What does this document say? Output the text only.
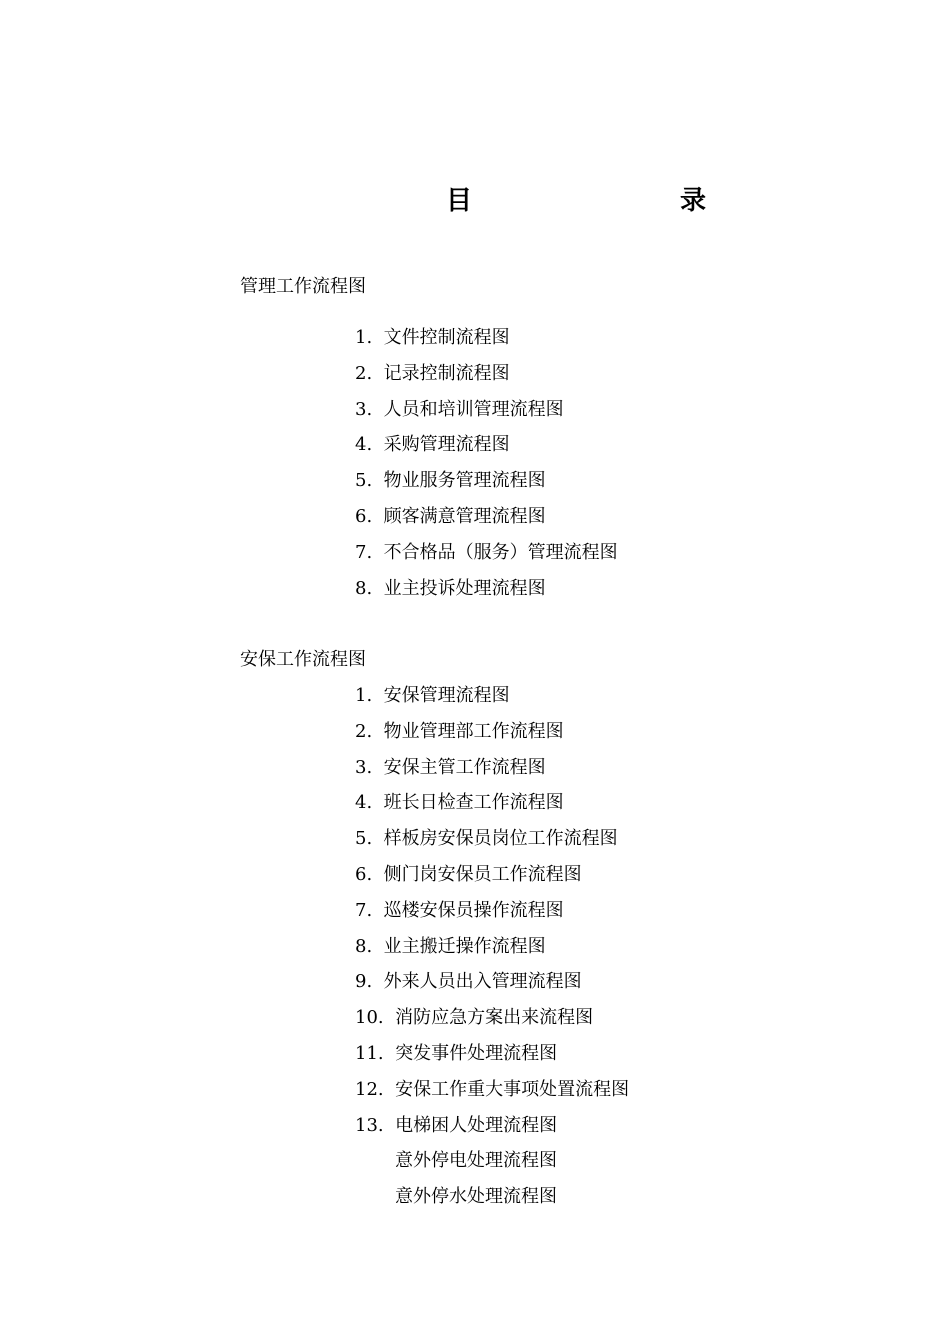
目	录
管理工作流程图
1.  文件控制流程图
2.  记录控制流程图
3.  人员和培训管理流程图
4.  采购管理流程图
5.  物业服务管理流程图
6.  顾客满意管理流程图
7.  不合格品（服务）管理流程图
8.  业主投诉处理流程图
安保工作流程图
1.  安保管理流程图
2.  物业管理部工作流程图
3.  安保主管工作流程图
4.  班长日检查工作流程图
5.  样板房安保员岗位工作流程图
6.  侧门岗安保员工作流程图
7.  巡楼安保员操作流程图
8.  业主搬迁操作流程图
9.  外来人员出入管理流程图
10.  消防应急方案出来流程图
11.  突发事件处理流程图
12.  安保工作重大事项处置流程图
13.  电梯困人处理流程图
意外停电处理流程图
意外停水处理流程图
